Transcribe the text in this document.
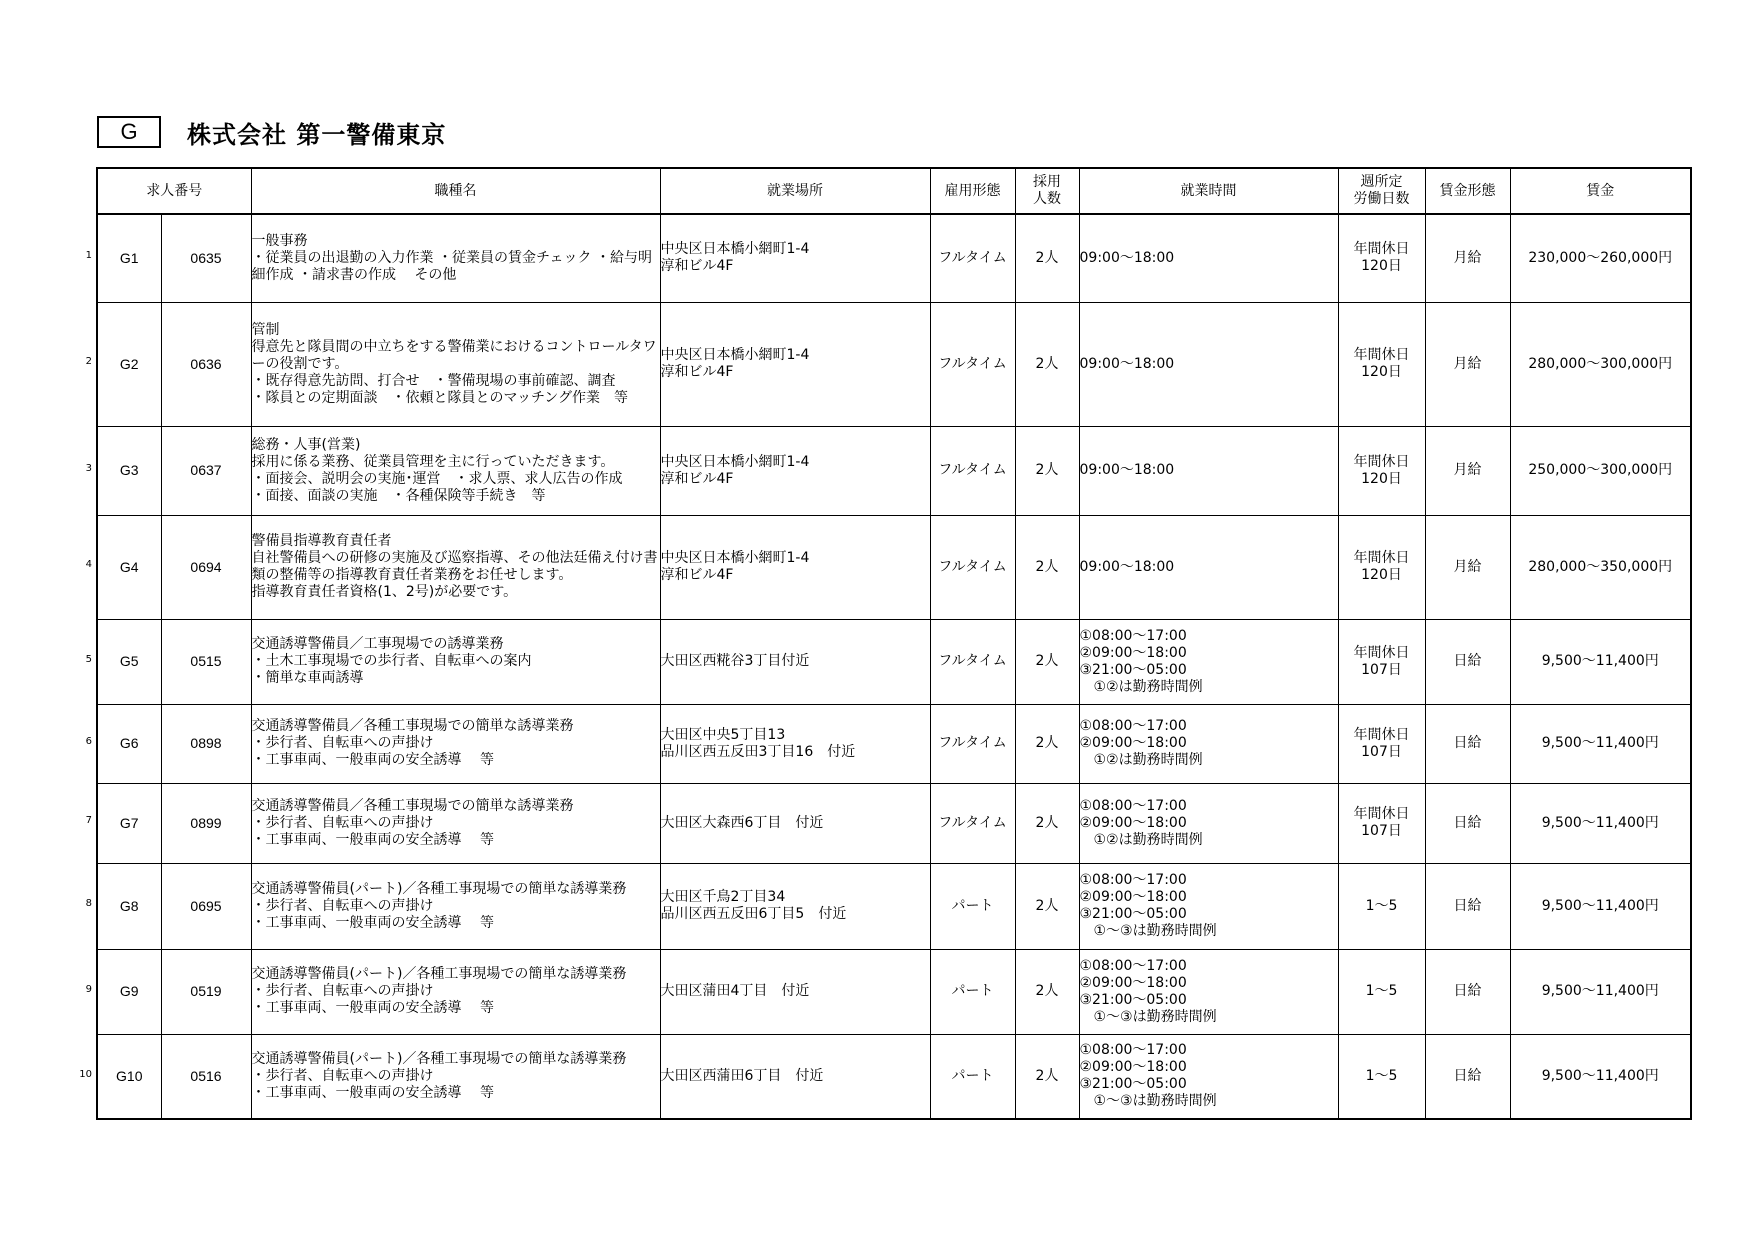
G	株式会社 第一警備東京
1
2
3
4
5
6
7
8
9
10
求人番号		職種名	就業場所	雇用形態	採用
人数	就業時間	週所定
労働日数	賃金形態	賃金
G1	0635	一般事務
・従業員の出退勤の入力作業 ・従業員の賃金チェック ・給与明細作成 ・請求書の作成　 その他	中央区日本橋小網町1-4
淳和ビル4F	フルタイム	2人	09:00～18:00	年間休日
120日	月給	230,000～260,000円
G2	0636	管制
得意先と隊員間の中立ちをする警備業におけるコントロールタワーの役割です。
・既存得意先訪問、打合せ　・警備現場の事前確認、調査
・隊員との定期面談　・依頼と隊員とのマッチング作業　等	中央区日本橋小網町1-4
淳和ビル4F	フルタイム	2人	09:00～18:00	年間休日
120日	月給	280,000～300,000円
G3	0637	総務・人事(営業)
採用に係る業務、従業員管理を主に行っていただきます。
・面接会、説明会の実施･運営　・求人票、求人広告の作成
・面接、面談の実施　・各種保険等手続き　等	中央区日本橋小網町1-4
淳和ビル4F	フルタイム	2人	09:00～18:00	年間休日
120日	月給	250,000～300,000円
G4	0694	警備員指導教育責任者
自社警備員への研修の実施及び巡察指導、その他法廷備え付け書類の整備等の指導教育責任者業務をお任せします。
指導教育責任者資格(1、2号)が必要です。	中央区日本橋小網町1-4
淳和ビル4F	フルタイム	2人	09:00～18:00	年間休日
120日	月給	280,000～350,000円
G5	0515	交通誘導警備員／工事現場での誘導業務
・土木工事現場での歩行者、自転車への案内
・簡単な車両誘導	大田区西糀谷3丁目付近	フルタイム	2人	①08:00～17:00
②09:00～18:00
③21:00～05:00
　①②は勤務時間例	年間休日
107日	日給	9,500～11,400円
G6	0898	交通誘導警備員／各種工事現場での簡単な誘導業務
・歩行者、自転車への声掛け
・工事車両、一般車両の安全誘導　 等	大田区中央5丁目13
品川区西五反田3丁目16　付近	フルタイム	2人	①08:00～17:00
②09:00～18:00
　①②は勤務時間例	年間休日
107日	日給	9,500～11,400円
G7	0899	交通誘導警備員／各種工事現場での簡単な誘導業務
・歩行者、自転車への声掛け
・工事車両、一般車両の安全誘導　 等	大田区大森西6丁目　付近	フルタイム	2人	①08:00～17:00
②09:00～18:00
　①②は勤務時間例	年間休日
107日	日給	9,500～11,400円
G8	0695	交通誘導警備員(パート)／各種工事現場での簡単な誘導業務
・歩行者、自転車への声掛け
・工事車両、一般車両の安全誘導　 等	大田区千鳥2丁目34
品川区西五反田6丁目5　付近	パート	2人	①08:00～17:00
②09:00～18:00
③21:00～05:00
　①～③は勤務時間例	1～5	日給	9,500～11,400円
G9	0519	交通誘導警備員(パート)／各種工事現場での簡単な誘導業務
・歩行者、自転車への声掛け
・工事車両、一般車両の安全誘導　 等	大田区蒲田4丁目　付近	パート	2人	①08:00～17:00
②09:00～18:00
③21:00～05:00
　①～③は勤務時間例	1～5	日給	9,500～11,400円
G10	0516	交通誘導警備員(パート)／各種工事現場での簡単な誘導業務
・歩行者、自転車への声掛け
・工事車両、一般車両の安全誘導　 等	大田区西蒲田6丁目　付近	パート	2人	①08:00～17:00
②09:00～18:00
③21:00～05:00
　①～③は勤務時間例	1～5	日給	9,500～11,400円
